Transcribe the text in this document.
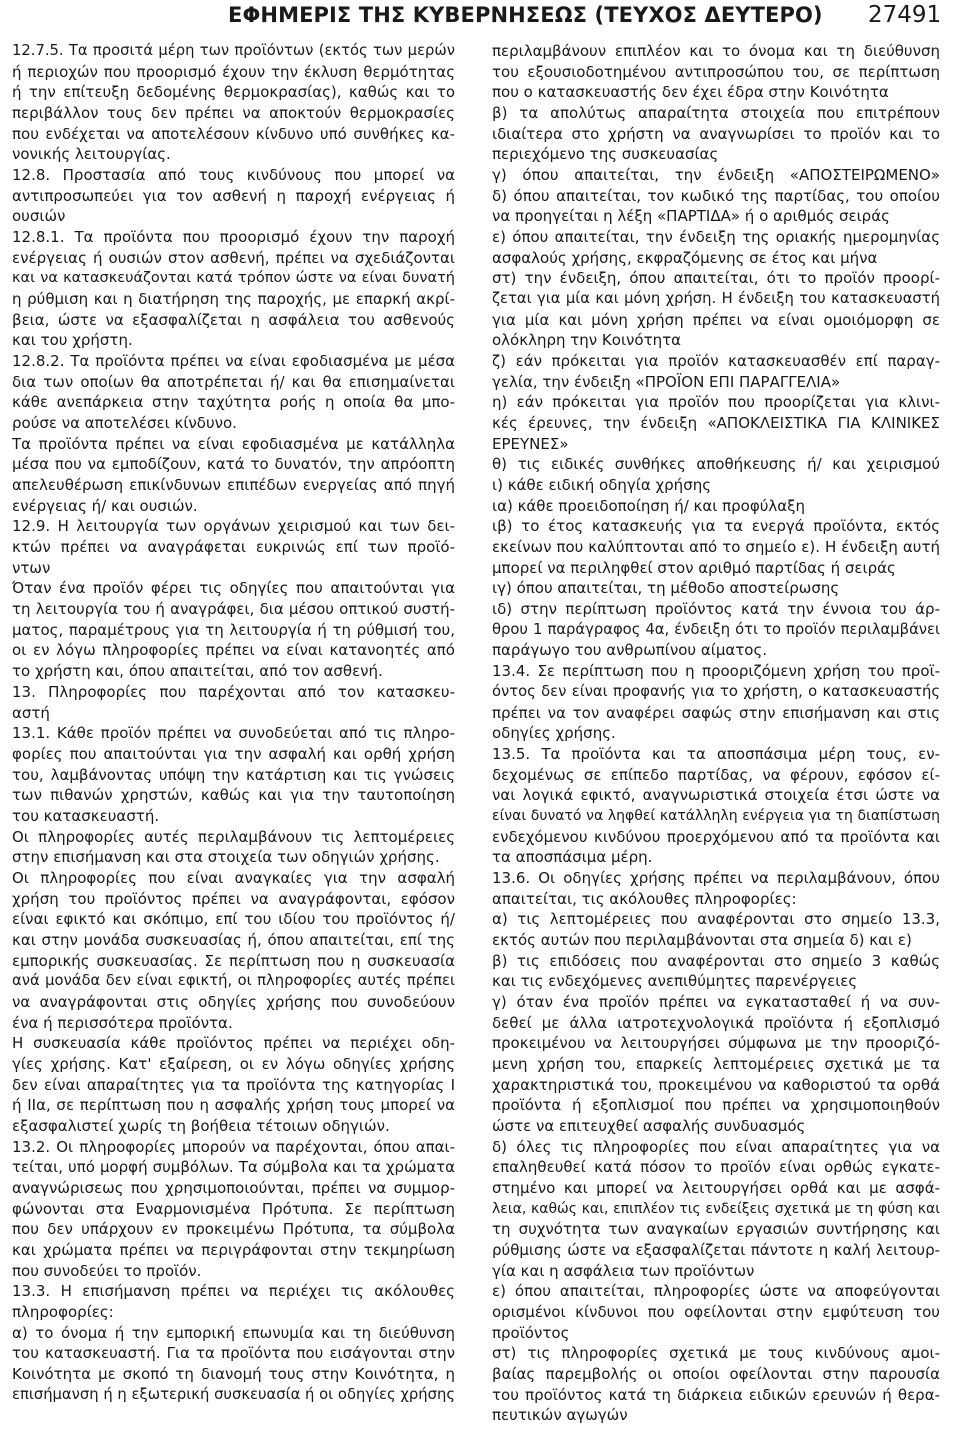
ΕΦΗΜΕΡΙΣ ΤΗΣ ΚΥΒΕΡΝΗΣΕΩΣ (ΤΕΥΧΟΣ ΔΕΥΤΕΡΟ) 27491
12.7.5. Τα προσιτά μέρη των προϊόντων (εκτός των μερών
ή περιοχών που προορισμό έχουν την έκλυση θερμότητας
ή την επίτευξη δεδομένης θερμοκρασίας), καθώς και το
περιβάλλον τους δεν πρέπει να αποκτούν θερμοκρασίες
που ενδέχεται να αποτελέσουν κίνδυνο υπό συνθήκες κα-
νονικής λειτουργίας.
12.8. Προστασία από τους κινδύνους που μπορεί να
αντιπροσωπεύει για τον ασθενή η παροχή ενέργειας ή
ουσιών
12.8.1. Τα προϊόντα που προορισμό έχουν την παροχή
ενέργειας ή ουσιών στον ασθενή, πρέπει να σχεδιάζονται
και να κατασκευάζονται κατά τρόπον ώστε να είναι δυνατή
η ρύθμιση και η διατήρηση της παροχής, με επαρκή ακρί-
βεια, ώστε να εξασφαλίζεται η ασφάλεια του ασθενούς
και του χρήστη.
12.8.2. Τα προϊόντα πρέπει να είναι εφοδιασμένα με μέσα
δια των οποίων θα αποτρέπεται ή/ και θα επισημαίνεται
κάθε ανεπάρκεια στην ταχύτητα ροής η οποία θα μπο-
ρούσε να αποτελέσει κίνδυνο.
Τα προϊόντα πρέπει να είναι εφοδιασμένα με κατάλληλα
μέσα που να εμποδίζουν, κατά το δυνατόν, την απρόοπτη
απελευθέρωση επικίνδυνων επιπέδων ενεργείας από πηγή
ενέργειας ή/ και ουσιών.
12.9. Η λειτουργία των οργάνων χειρισμού και των δει-
κτών πρέπει να αναγράφεται ευκρινώς επί των προϊό-
ντων
Όταν ένα προϊόν φέρει τις οδηγίες που απαιτούνται για
τη λειτουργία του ή αναγράφει, δια μέσου οπτικού συστή-
ματος, παραμέτρους για τη λειτουργία ή τη ρύθμισή του,
οι εν λόγω πληροφορίες πρέπει να είναι κατανοητές από
το χρήστη και, όπου απαιτείται, από τον ασθενή.
13. Πληροφορίες που παρέχονται από τον κατασκευ-
αστή
13.1. Κάθε προϊόν πρέπει να συνοδεύεται από τις πληρο-
φορίες που απαιτούνται για την ασφαλή και ορθή χρήση
του, λαμβάνοντας υπόψη την κατάρτιση και τις γνώσεις
των πιθανών χρηστών, καθώς και για την ταυτοποίηση
του κατασκευαστή.
Οι πληροφορίες αυτές περιλαμβάνουν τις λεπτομέρειες
στην επισήμανση και στα στοιχεία των οδηγιών χρήσης.
Οι πληροφορίες που είναι αναγκαίες για την ασφαλή
χρήση του προϊόντος πρέπει να αναγράφονται, εφόσον
είναι εφικτό και σκόπιμο, επί του ιδίου του προϊόντος ή/
και στην μονάδα συσκευασίας ή, όπου απαιτείται, επί της
εμπορικής συσκευασίας. Σε περίπτωση που η συσκευασία
ανά μονάδα δεν είναι εφικτή, οι πληροφορίες αυτές πρέπει
να αναγράφονται στις οδηγίες χρήσης που συνοδεύουν
ένα ή περισσότερα προϊόντα.
Η συσκευασία κάθε προϊόντος πρέπει να περιέχει οδη-
γίες χρήσης. Κατ' εξαίρεση, οι εν λόγω οδηγίες χρήσης
δεν είναι απαραίτητες για τα προϊόντα της κατηγορίας Ι
ή ΙΙα, σε περίπτωση που η ασφαλής χρήση τους μπορεί να
εξασφαλιστεί χωρίς τη βοήθεια τέτοιων οδηγιών.
13.2. Οι πληροφορίες μπορούν να παρέχονται, όπου απαι-
τείται, υπό μορφή συμβόλων. Τα σύμβολα και τα χρώματα
αναγνώρισεως που χρησιμοποιούνται, πρέπει να συμμορ-
φώνονται στα Εναρμονισμένα Πρότυπα. Σε περίπτωση
που δεν υπάρχουν εν προκειμένω Πρότυπα, τα σύμβολα
και χρώματα πρέπει να περιγράφονται στην τεκμηρίωση
που συνοδεύει το προϊόν.
13.3. Η επισήμανση πρέπει να περιέχει τις ακόλουθες
πληροφορίες:
α) το όνομα ή την εμπορική επωνυμία και τη διεύθυνση
του κατασκευαστή. Για τα προϊόντα που εισάγονται στην
Κοινότητα με σκοπό τη διανομή τους στην Κοινότητα, η
επισήμανση ή η εξωτερική συσκευασία ή οι οδηγίες χρήσης
περιλαμβάνουν επιπλέον και το όνομα και τη διεύθυνση
του εξουσιοδοτημένου αντιπροσώπου του, σε περίπτωση
που ο κατασκευαστής δεν έχει έδρα στην Κοινότητα
β) τα απολύτως απαραίτητα στοιχεία που επιτρέπουν
ιδιαίτερα στο χρήστη να αναγνωρίσει το προϊόν και το
περιεχόμενο της συσκευασίας
γ) όπου απαιτείται, την ένδειξη «ΑΠΟΣΤΕΙΡΩΜΕΝΟ»
δ) όπου απαιτείται, τον κωδικό της παρτίδας, του οποίου
να προηγείται η λέξη «ΠΑΡΤΙΔΑ» ή ο αριθμός σειράς
ε) όπου απαιτείται, την ένδειξη της οριακής ημερομηνίας
ασφαλούς χρήσης, εκφραζόμενης σε έτος και μήνα
στ) την ένδειξη, όπου απαιτείται, ότι το προϊόν προορί-
ζεται για μία και μόνη χρήση. Η ένδειξη του κατασκευαστή
για μία και μόνη χρήση πρέπει να είναι ομοιόμορφη σε
ολόκληρη την Κοινότητα
ζ) εάν πρόκειται για προϊόν κατασκευασθέν επί παραγ-
γελία, την ένδειξη «ΠΡΟΪΟΝ ΕΠΙ ΠΑΡΑΓΓΕΛΙΑ»
η) εάν πρόκειται για προϊόν που προορίζεται για κλινι-
κές έρευνες, την ένδειξη «ΑΠΟΚΛΕΙΣΤΙΚΑ ΓΙΑ ΚΛΙΝΙΚΕΣ
ΕΡΕΥΝΕΣ»
θ) τις ειδικές συνθήκες αποθήκευσης ή/ και χειρισμού
ι) κάθε ειδική οδηγία χρήσης
ια) κάθε προειδοποίηση ή/ και προφύλαξη
ιβ) το έτος κατασκευής για τα ενεργά προϊόντα, εκτός
εκείνων που καλύπτονται από το σημείο ε). Η ένδειξη αυτή
μπορεί να περιληφθεί στον αριθμό παρτίδας ή σειράς
ιγ) όπου απαιτείται, τη μέθοδο αποστείρωσης
ιδ) στην περίπτωση προϊόντος κατά την έννοια του άρ-
θρου 1 παράγραφος 4α, ένδειξη ότι το προϊόν περιλαμβάνει
παράγωγο του ανθρωπίνου αίματος.
13.4. Σε περίπτωση που η προοριζόμενη χρήση του προϊ-
όντος δεν είναι προφανής για το χρήστη, ο κατασκευαστής
πρέπει να τον αναφέρει σαφώς στην επισήμανση και στις
οδηγίες χρήσης.
13.5. Τα προϊόντα και τα αποσπάσιμα μέρη τους, εν-
δεχομένως σε επίπεδο παρτίδας, να φέρουν, εφόσον εί-
ναι λογικά εφικτό, αναγνωριστικά στοιχεία έτσι ώστε να
είναι δυνατό να ληφθεί κατάλληλη ενέργεια για τη διαπίστωση
ενδεχόμενου κινδύνου προερχόμενου από τα προϊόντα και
τα αποσπάσιμα μέρη.
13.6. Οι οδηγίες χρήσης πρέπει να περιλαμβάνουν, όπου
απαιτείται, τις ακόλουθες πληροφορίες:
α) τις λεπτομέρειες που αναφέρονται στο σημείο 13.3,
εκτός αυτών που περιλαμβάνονται στα σημεία δ) και ε)
β) τις επιδόσεις που αναφέρονται στο σημείο 3 καθώς
και τις ενδεχόμενες ανεπιθύμητες παρενέργειες
γ) όταν ένα προϊόν πρέπει να εγκατασταθεί ή να συν-
δεθεί με άλλα ιατροτεχνολογικά προϊόντα ή εξοπλισμό
προκειμένου να λειτουργήσει σύμφωνα με την προοριζό-
μενη χρήση του, επαρκείς λεπτομέρειες σχετικά με τα
χαρακτηριστικά του, προκειμένου να καθοριστού τα ορθά
προϊόντα ή εξοπλισμοί που πρέπει να χρησιμοποιηθούν
ώστε να επιτευχθεί ασφαλής συνδυασμός
δ) όλες τις πληροφορίες που είναι απαραίτητες για να
επαληθευθεί κατά πόσον το προϊόν είναι ορθώς εγκατε-
στημένο και μπορεί να λειτουργήσει ορθά και με ασφά-
λεια, καθώς και, επιπλέον τις ενδείξεις σχετικά με τη φύση και
τη συχνότητα των αναγκαίων εργασιών συντήρησης και
ρύθμισης ώστε να εξασφαλίζεται πάντοτε η καλή λειτουρ-
γία και η ασφάλεια των προϊόντων
ε) όπου απαιτείται, πληροφορίες ώστε να αποφεύγονται
ορισμένοι κίνδυνοι που οφείλονται στην εμφύτευση του
προϊόντος
στ) τις πληροφορίες σχετικά με τους κινδύνους αμοι-
βαίας παρεμβολής οι οποίοι οφείλονται στην παρουσία
του προϊόντος κατά τη διάρκεια ειδικών ερευνών ή θερα-
πευτικών αγωγών
